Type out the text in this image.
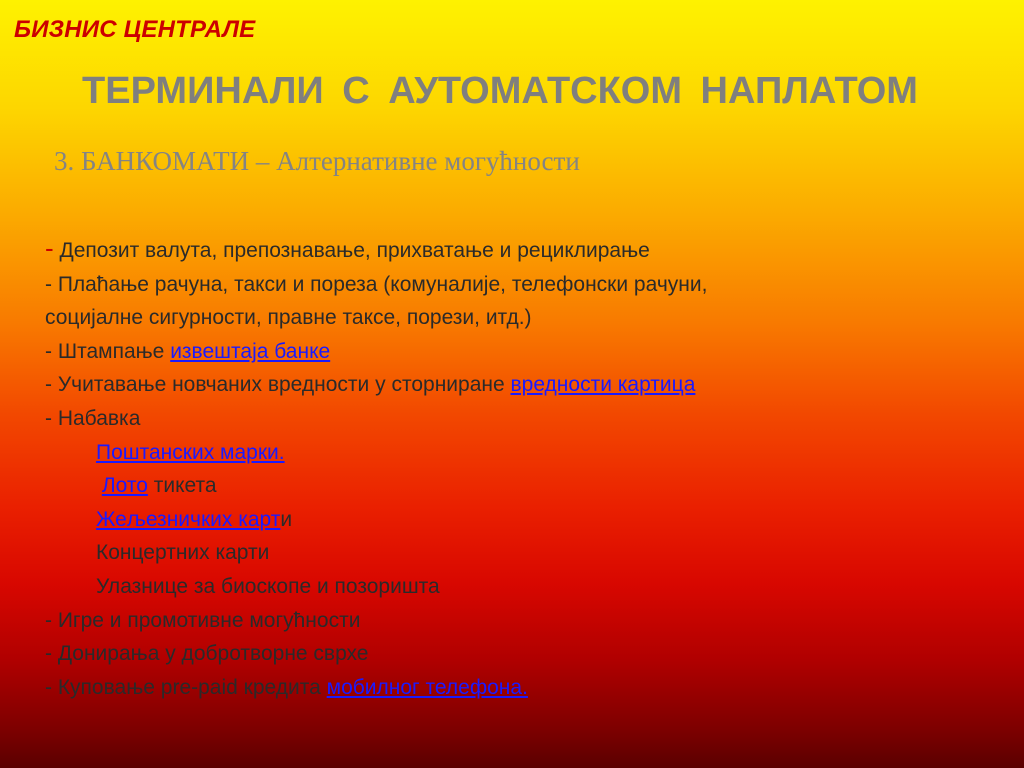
БИЗНИС ЦЕНТРАЛЕ
ТЕРМИНАЛИ С АУТОМАТСКОМ НАПЛАТОМ
3. БАНКОМАТИ – Алтернативне могућности
- Депозит валута, препознавање, прихватање и рециклирање
- Плаћање рачуна, такси и пореза (комуналије, телефонски рачуни,
социјалне сигурности, правне таксе, порези, итд.)
- Штампање извештаја банке
- Учитавање новчаних вредности у сторниране вредности картица
- Набавка
Поштанских марки.
Лото тикета
Жељезничких карти
Концертних карти
Улазнице за биоскопе и позоришта
- Игре и промотивне могућности
- Донирања у добротворне сврхе
- Куповање pre-paid кредита мобилног телефона.
